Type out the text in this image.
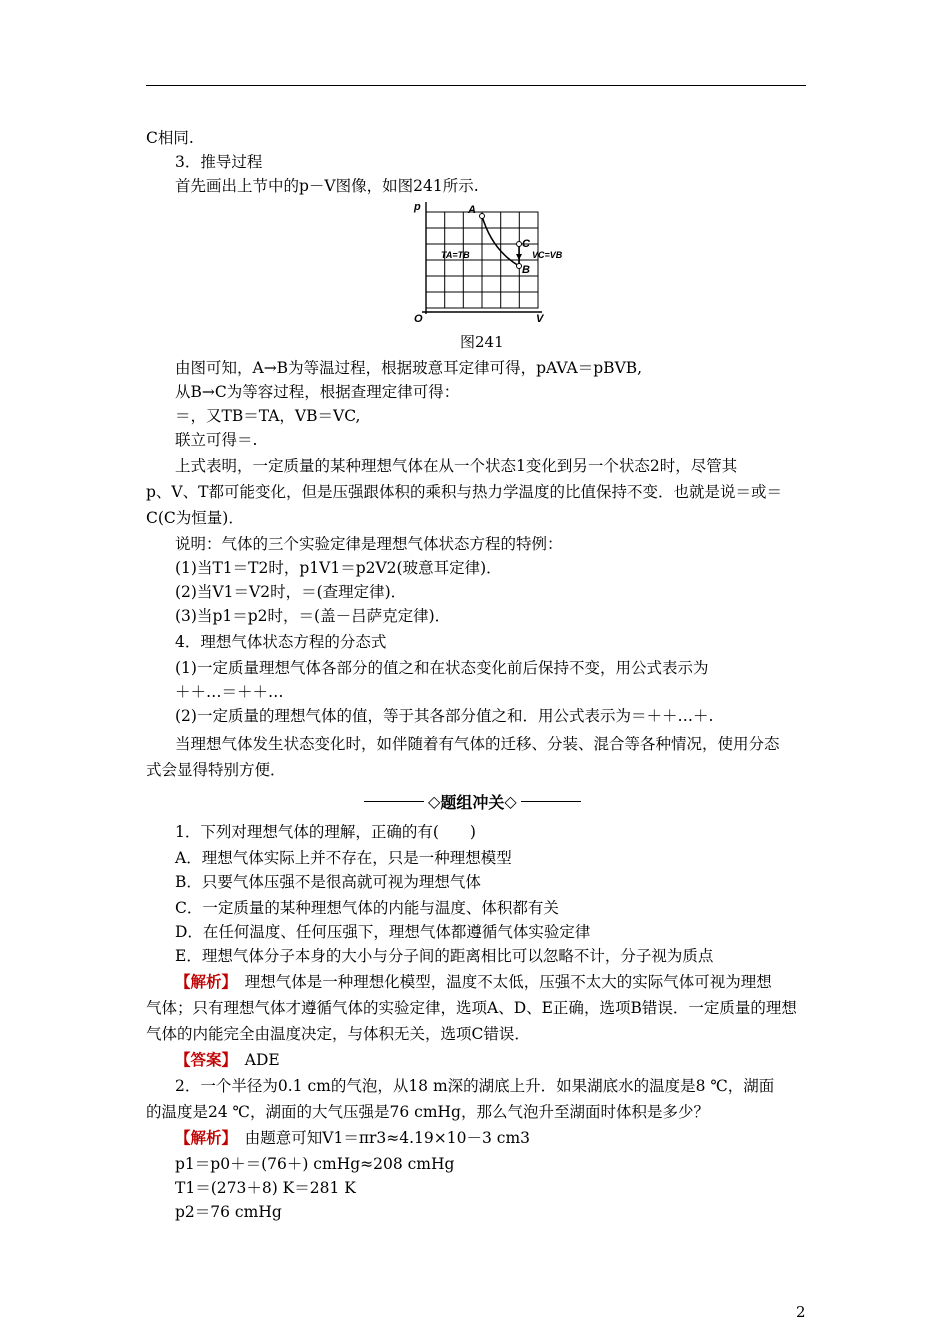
C相同.
3．推导过程
首先画出上节中的p－V图像，如图241所示.
p
V
O
A
C
B
TA=TB	VC=VB
图241
由图可知，A→B为等温过程，根据玻意耳定律可得，pAVA＝pBVB,
从B→C为等容过程，根据查理定律可得：
＝，又TB＝TA，VB＝VC,
联立可得＝.
上式表明，一定质量的某种理想气体在从一个状态1变化到另一个状态2时，尽管其
p、V、T都可能变化，但是压强跟体积的乘积与热力学温度的比值保持不变．也就是说＝或＝
C(C为恒量)．
说明：气体的三个实验定律是理想气体状态方程的特例：
(1)当T1＝T2时，p1V1＝p2V2(玻意耳定律)．
(2)当V1＝V2时，＝(查理定律)．
(3)当p1＝p2时，＝(盖－吕萨克定律)．
4．理想气体状态方程的分态式
(1)一定质量理想气体各部分的值之和在状态变化前后保持不变，用公式表示为
＋＋…＝＋＋…
(2)一定质量的理想气体的值，等于其各部分值之和．用公式表示为＝＋＋…＋.
当理想气体发生状态变化时，如伴随着有气体的迁移、分装、混合等各种情况，使用分态
式会显得特别方便．
◇ 题组冲关 ◇
1．下列对理想气体的理解，正确的有(　　)
A．理想气体实际上并不存在，只是一种理想模型
B．只要气体压强不是很高就可视为理想气体
C．一定质量的某种理想气体的内能与温度、体积都有关
D．在任何温度、任何压强下，理想气体都遵循气体实验定律
E．理想气体分子本身的大小与分子间的距离相比可以忽略不计，分子视为质点
【解析】　理想气体是一种理想化模型，温度不太低，压强不太大的实际气体可视为理想
气体；只有理想气体才遵循气体的实验定律，选项A、D、E正确，选项B错误．一定质量的理想
气体的内能完全由温度决定，与体积无关，选项C错误．
【答案】　ADE
2．一个半径为0.1 cm的气泡，从18 m深的湖底上升．如果湖底水的温度是8 ℃，湖面
的温度是24 ℃，湖面的大气压强是76 cmHg，那么气泡升至湖面时体积是多少？
【解析】　由题意可知V1＝πr3≈4.19×10－3 cm3
p1＝p0＋＝(76＋) cmHg≈208 cmHg
T1＝(273＋8) K＝281 K
p2＝76 cmHg
2
